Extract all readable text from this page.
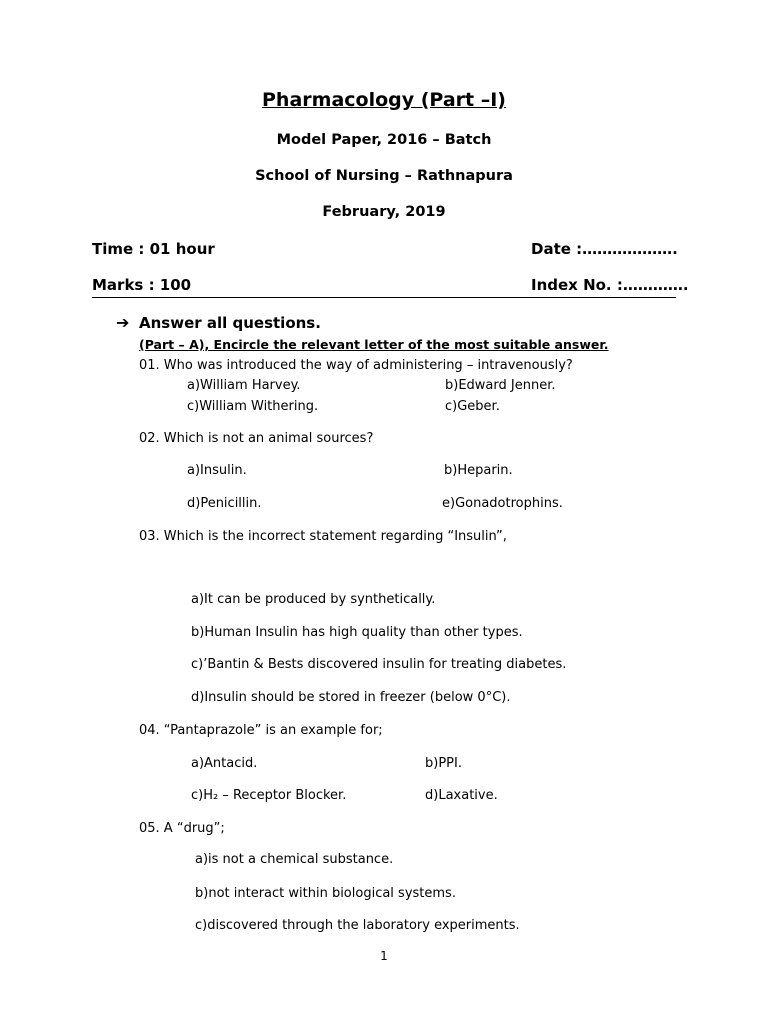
Pharmacology (Part –I)
Model Paper, 2016 – Batch
School of Nursing – Rathnapura
February, 2019
Time : 01 hour	Date :……………….
Marks : 100	Index No. :………….
➔ Answer all questions.
(Part – A), Encircle the relevant letter of the most suitable answer.
01. Who was introduced the way of administering – intravenously?
a)William Harvey.	b)Edward Jenner.
c)William Withering.	c)Geber.
02. Which is not an animal sources?
a)Insulin.	b)Heparin.
d)Penicillin.	e)Gonadotrophins.
03. Which is the incorrect statement regarding “Insulin”,
a)It can be produced by synthetically.
b)Human Insulin has high quality than other types.
c)’Bantin & Bests discovered insulin for treating diabetes.
d)Insulin should be stored in freezer (below 0°C).
04. “Pantaprazole” is an example for;
a)Antacid.	b)PPI.
c)H₂ – Receptor Blocker.	d)Laxative.
05. A “drug”;
a)is not a chemical substance.
b)not interact within biological systems.
c)discovered through the laboratory experiments.
1
